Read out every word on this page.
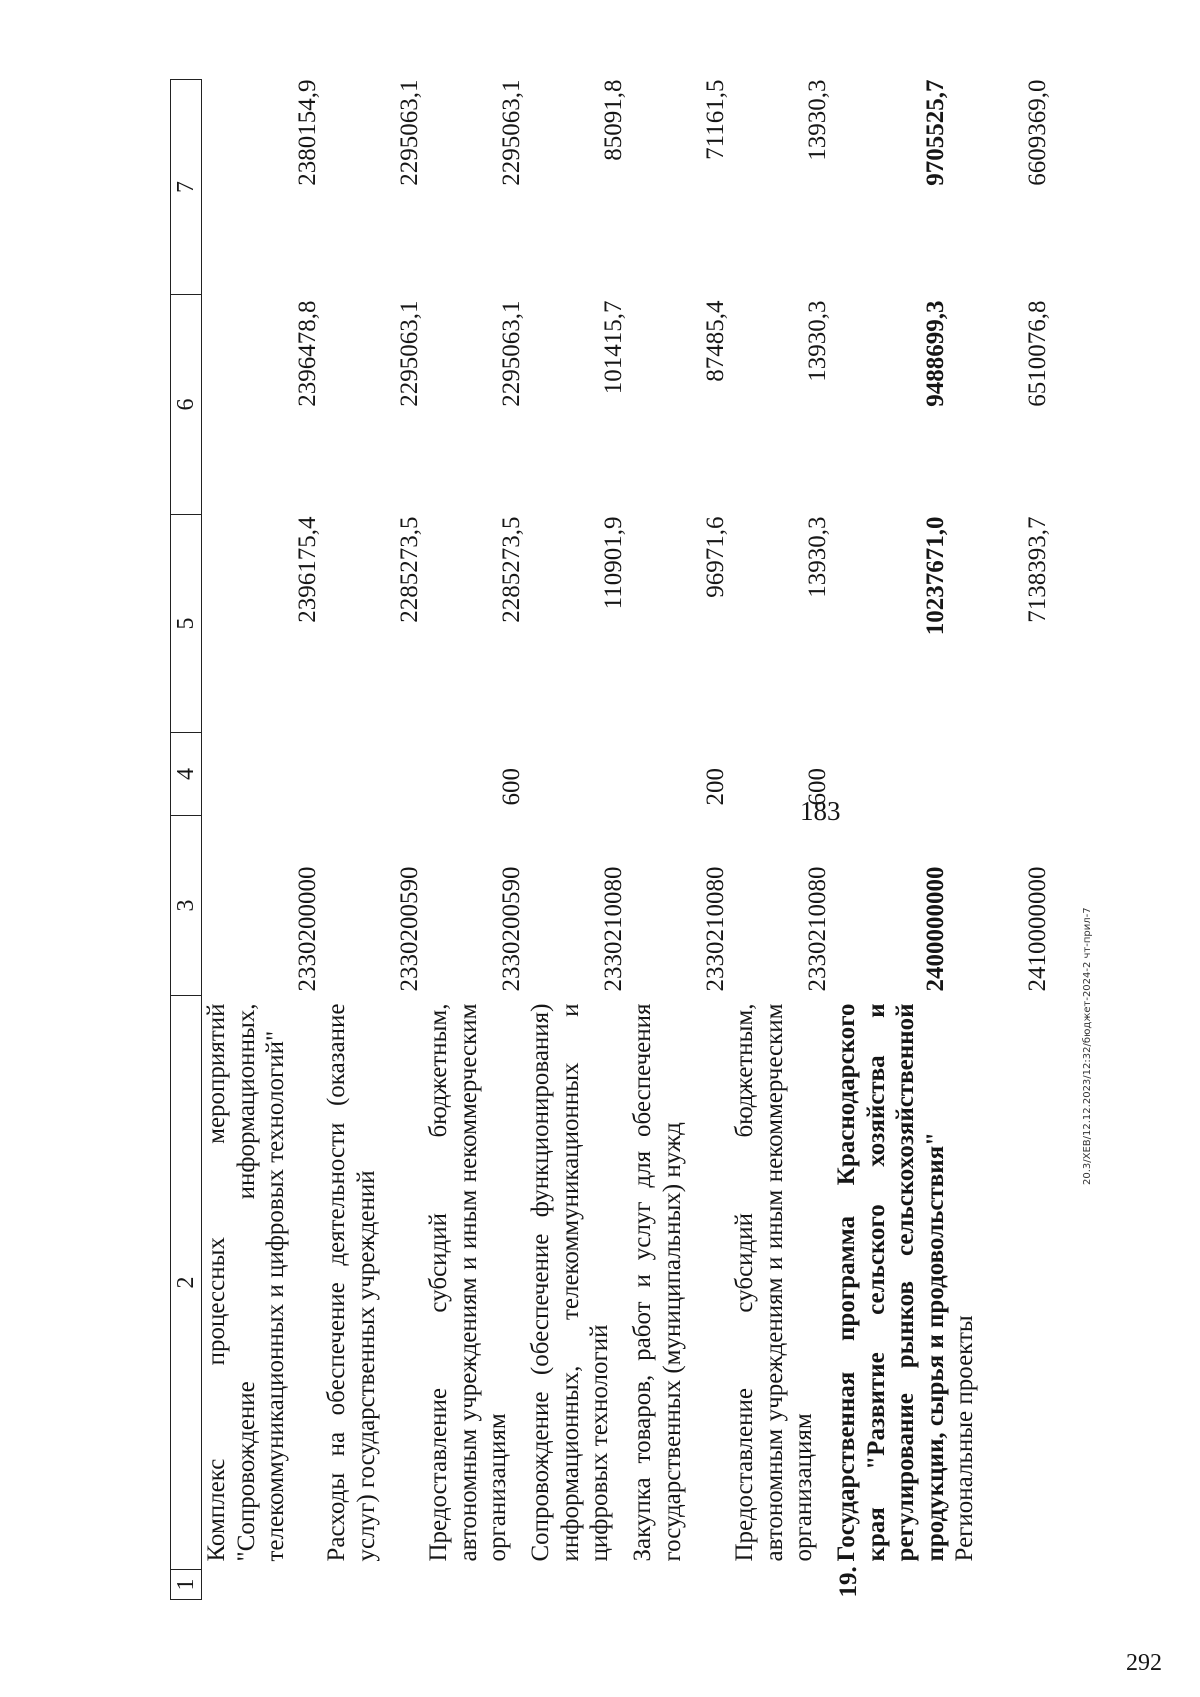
183
1	2	3	4	5	6	7
	Комплекс процессных мероприятий "Сопровождение информационных, телекоммуникационных и цифровых технологий"	2330200000		2396175,4	2396478,8	2380154,9
	Расходы на обеспечение деятельности (оказание услуг) государственных учреждений	2330200590		2285273,5	2295063,1	2295063,1
	Предоставление субсидий бюджетным, автономным учреждениям и иным некоммерческим организациям	2330200590	600	2285273,5	2295063,1	2295063,1
	Сопровождение (обеспечение функционирования) информационных, телекоммуникационных и цифровых технологий	2330210080		110901,9	101415,7	85091,8
	Закупка товаров, работ и услуг для обеспечения государственных (муниципальных) нужд	2330210080	200	96971,6	87485,4	71161,5
	Предоставление субсидий бюджетным, автономным учреждениям и иным некоммерческим организациям	2330210080	600	13930,3	13930,3	13930,3
19.	Государственная программа Краснодарского края "Развитие сельского хозяйства и регулирование рынков сельскохозяйственной продукции, сырья и продовольствия"	2400000000		10237671,0	9488699,3	9705525,7
	Региональные проекты	2410000000		7138393,7	6510076,8	6609369,0
20.3/ХЕВ/12.12.2023/12:32/бюджет-2024-2 чт-прил-7
292
